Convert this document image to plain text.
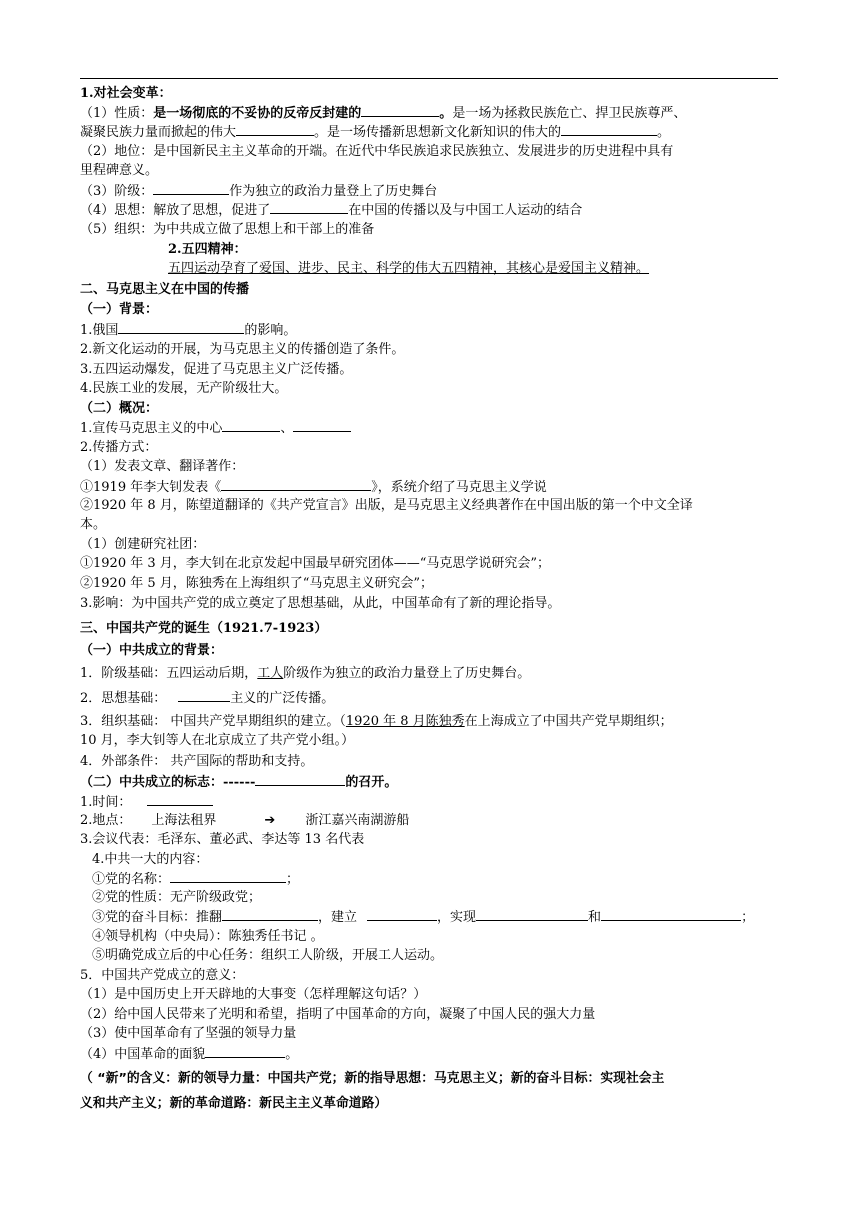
1.对社会变革：
（1）性质：是一场彻底的不妥协的反帝反封建的	。是一场为拯救民族危亡、捍卫民族尊严、
凝聚民族力量而掀起的伟大	。是一场传播新思想新文化新知识的伟大的	。
（2）地位：是中国新民主主义革命的开端。在近代中华民族追求民族独立、发展进步的历史进程中具有
里程碑意义。
（3）阶级：	作为独立的政治力量登上了历史舞台
（4）思想：解放了思想，促进了	在中国的传播以及与中国工人运动的结合
（5）组织：为中共成立做了思想上和干部上的准备
2.五四精神：
五四运动孕育了爱国、进步、民主、科学的伟大五四精神，其核心是爱国主义精神。
二、马克思主义在中国的传播
（一）背景：
1.俄国	的影响。
2.新文化运动的开展，为马克思主义的传播创造了条件。
3.五四运动爆发，促进了马克思主义广泛传播。
4.民族工业的发展，无产阶级壮大。
（二）概况：
1.宣传马克思主义的中心	、
2.传播方式：
（1）发表文章、翻译著作：
①1919 年李大钊发表《	》，系统介绍了马克思主义学说
②1920 年 8 月，陈望道翻译的《共产党宣言》出版，是马克思主义经典著作在中国出版的第一个中文全译
本。
（1）创建研究社团：
①1920 年 3 月，李大钊在北京发起中国最早研究团体——“马克思学说研究会”；
②1920 年 5 月，陈独秀在上海组织了“马克思主义研究会”；
3.影响：为中国共产党的成立奠定了思想基础，从此，中国革命有了新的理论指导。
三、中国共产党的诞生（1921.7-1923）
（一）中共成立的背景：
1．阶级基础：五四运动后期，工人阶级作为独立的政治力量登上了历史舞台。
2．思想基础：	主义的广泛传播。
3．组织基础： 中国共产党早期组织的建立。（1920 年 8 月陈独秀在上海成立了中国共产党早期组织；
10 月，李大钊等人在北京成立了共产党小组。）
4．外部条件： 共产国际的帮助和支持。
（二）中共成立的标志：------	的召开。
1.时间：
2.地点： 上海法租界	➔ 浙江嘉兴南湖游船
3.会议代表：毛泽东、董必武、李达等 13 名代表
4.中共一大的内容：
①党的名称：	；
②党的性质：无产阶级政党；
③党的奋斗目标：推翻	，建立	，实现	和	；
④领导机构（中央局）：陈独秀任书记 。
⑤明确党成立后的中心任务：组织工人阶级，开展工人运动。
5．中国共产党成立的意义：
（1）是中国历史上开天辟地的大事变（怎样理解这句话？）
（2）给中国人民带来了光明和希望，指明了中国革命的方向，凝聚了中国人民的强大力量
（3）使中国革命有了坚强的领导力量
（4）中国革命的面貌	。
（ “新”的含义：新的领导力量：中国共产党；新的指导思想：马克思主义；新的奋斗目标：实现社会主
义和共产主义；新的革命道路：新民主主义革命道路）
